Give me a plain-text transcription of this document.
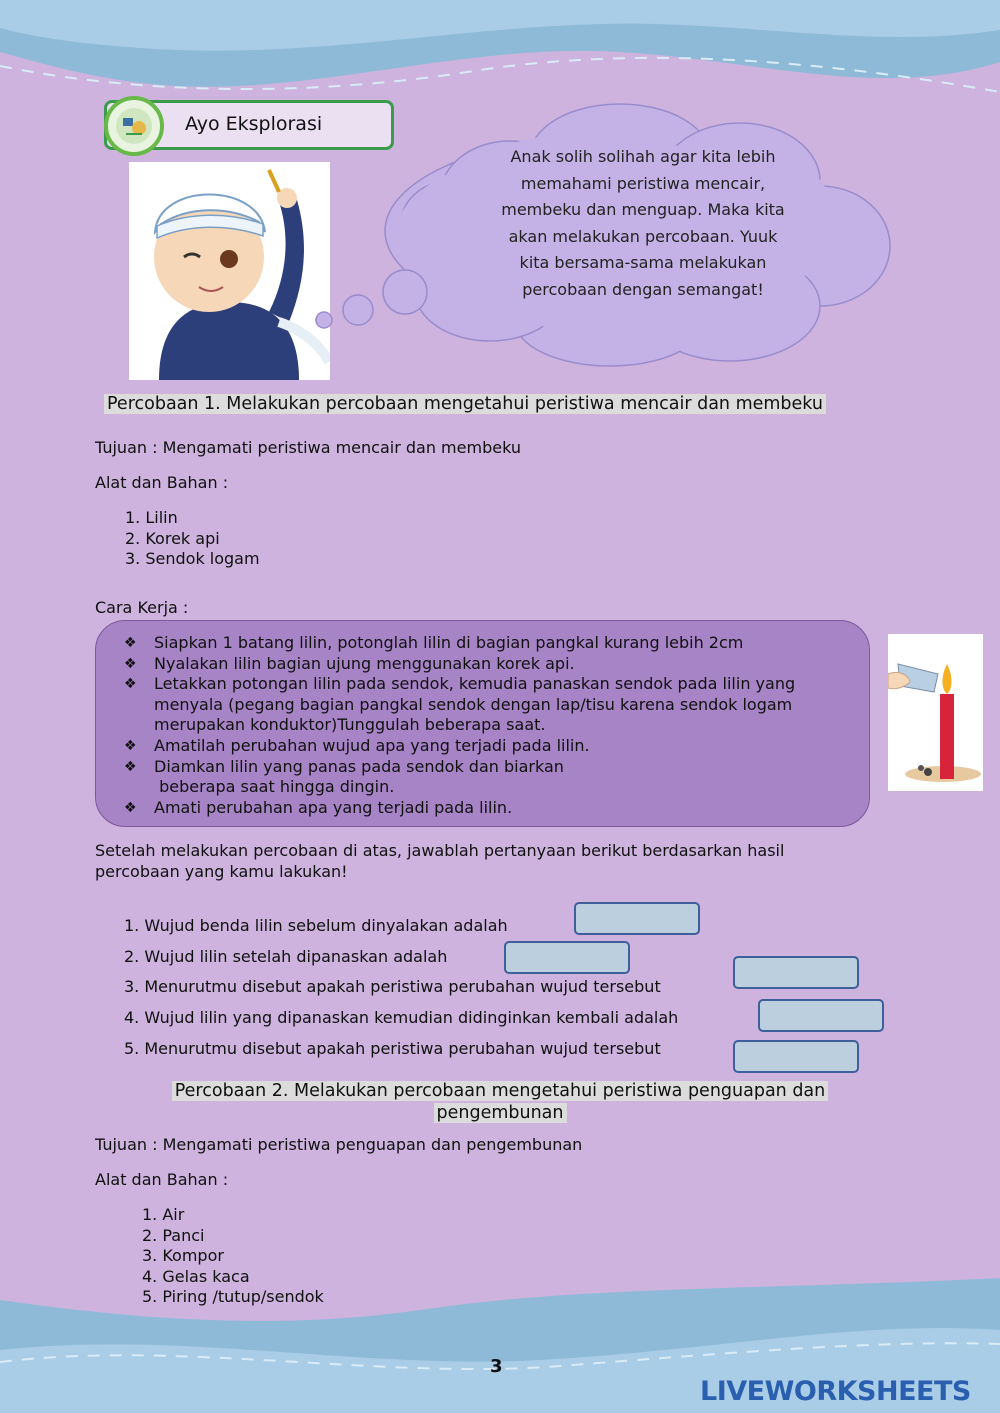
Ayo Eksplorasi
Anak solih solihah agar kita lebih
memahami peristiwa mencair,
membeku dan menguap. Maka kita
akan melakukan percobaan. Yuuk
kita bersama-sama melakukan
percobaan dengan semangat!
Percobaan 1. Melakukan percobaan mengetahui peristiwa mencair dan membeku
Tujuan : Mengamati peristiwa mencair dan membeku
Alat dan Bahan :
1. Lilin
2. Korek api
3. Sendok logam
Cara Kerja :
❖ Siapkan 1 batang lilin, potonglah lilin di bagian pangkal kurang lebih 2cm
❖ Nyalakan lilin bagian ujung menggunakan korek api.
❖ Letakkan potongan lilin pada sendok, kemudia panaskan sendok pada lilin yang
menyala (pegang bagian pangkal sendok dengan lap/tisu karena sendok logam
merupakan konduktor)Tunggulah beberapa saat.
❖ Amatilah perubahan wujud apa yang terjadi pada lilin.
❖ Diamkan lilin yang panas pada sendok dan biarkan
beberapa saat hingga dingin.
❖ Amati perubahan apa yang terjadi pada lilin.
Setelah melakukan percobaan di atas, jawablah pertanyaan berikut berdasarkan hasil
percobaan yang kamu lakukan!
1. Wujud benda lilin sebelum dinyalakan adalah
2. Wujud lilin setelah dipanaskan adalah
3. Menurutmu disebut apakah peristiwa perubahan wujud tersebut
4. Wujud lilin yang dipanaskan kemudian didinginkan kembali adalah
5. Menurutmu disebut apakah peristiwa perubahan wujud tersebut
Percobaan 2. Melakukan percobaan mengetahui peristiwa penguapan dan
pengembunan
Tujuan : Mengamati peristiwa penguapan dan pengembunan
Alat dan Bahan :
1. Air
2. Panci
3. Kompor
4. Gelas kaca
5. Piring /tutup/sendok
3
LIVEWORKSHEETS
